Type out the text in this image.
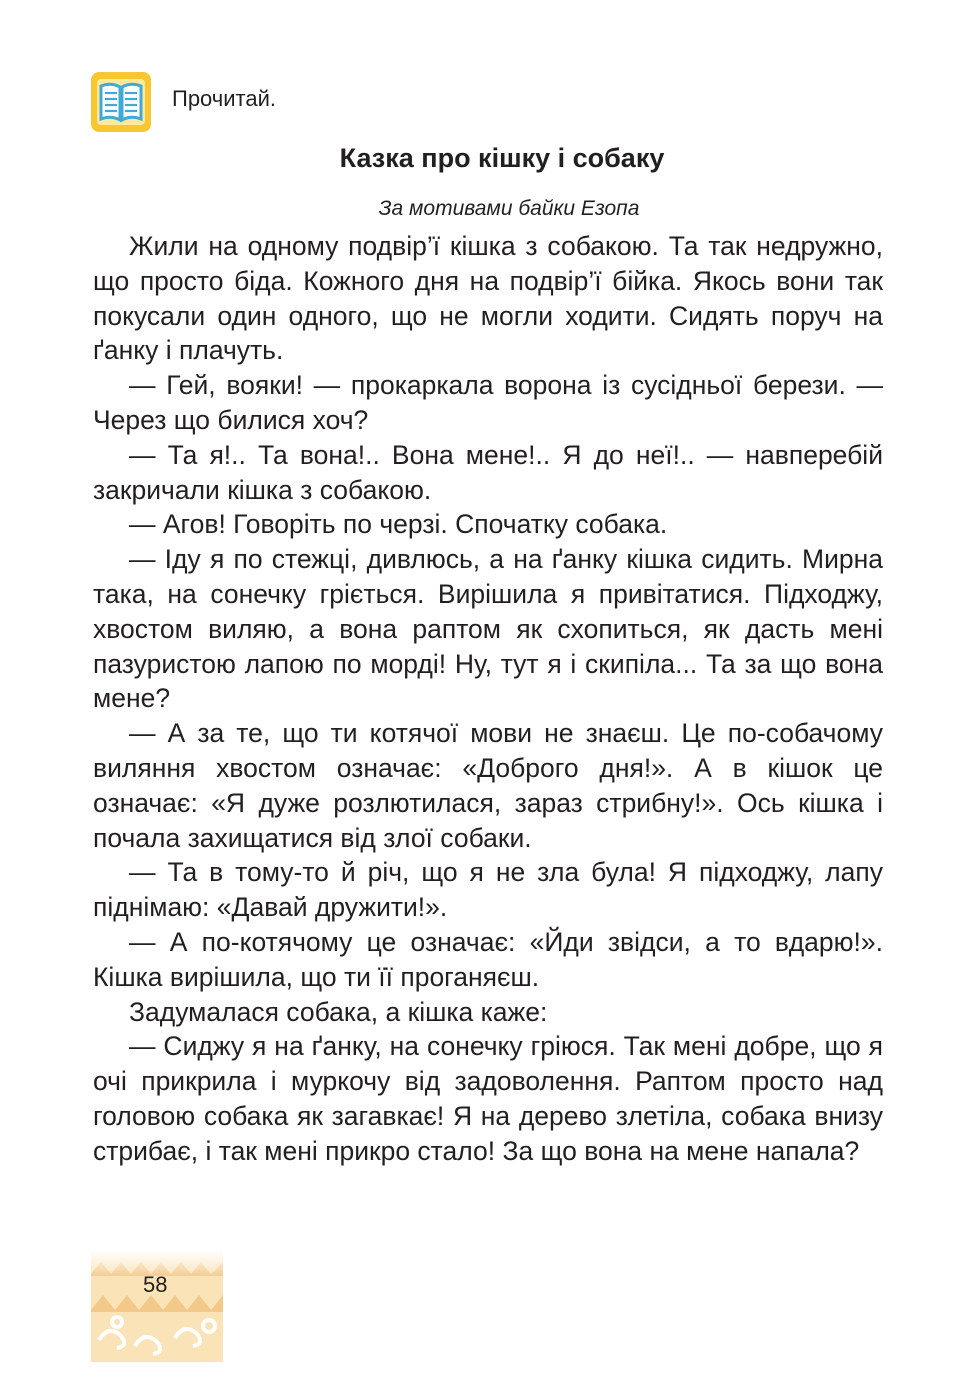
Прочитай.
Казка про кішку і собаку
За мотивами байки Езопа

Жили на одному подвір’ї кішка з собакою. Та так недружно, що просто біда. Кожного дня на подвір’ї бійка. Якось вони так покусали один одного, що не могли ходити. Сидять поруч на ґанку і плачуть.

— Гей, вояки! — прокаркала ворона із сусідньої берези. — Через що билися хоч?

— Та я!.. Та вона!.. Вона мене!.. Я до неї!.. — навперебій закричали кішка з собакою.

— Агов! Говоріть по черзі. Спочатку собака.

— Іду я по стежці, дивлюсь, а на ґанку кішка сидить. Мирна така, на сонечку гріється. Вирішила я привітатися. Підходжу, хвостом виляю, а вона раптом як схопиться, як дасть мені пазуристою лапою по морді! Ну, тут я і скипіла... Та за що вона мене?

— А за те, що ти котячої мови не знаєш. Це по-собачому виляння хвостом означає: «Доброго дня!». А в кішок це означає: «Я дуже розлютилася, зараз стрибну!». Ось кішка і почала захищатися від злої собаки.

— Та в тому-то й річ, що я не зла була! Я підходжу, лапу піднімаю: «Давай дружити!».

— А по-котячому це означає: «Йди звідси, а то вдарю!». Кішка вирішила, що ти її проганяєш.

Задумалася собака, а кішка каже:

— Сиджу я на ґанку, на сонечку гріюся. Так мені добре, що я очі прикрила і муркочу від задоволення. Раптом просто над головою собака як загавкає! Я на дерево злетіла, собака внизу стрибає, і так мені прикро стало! За що вона на мене напала?

58
